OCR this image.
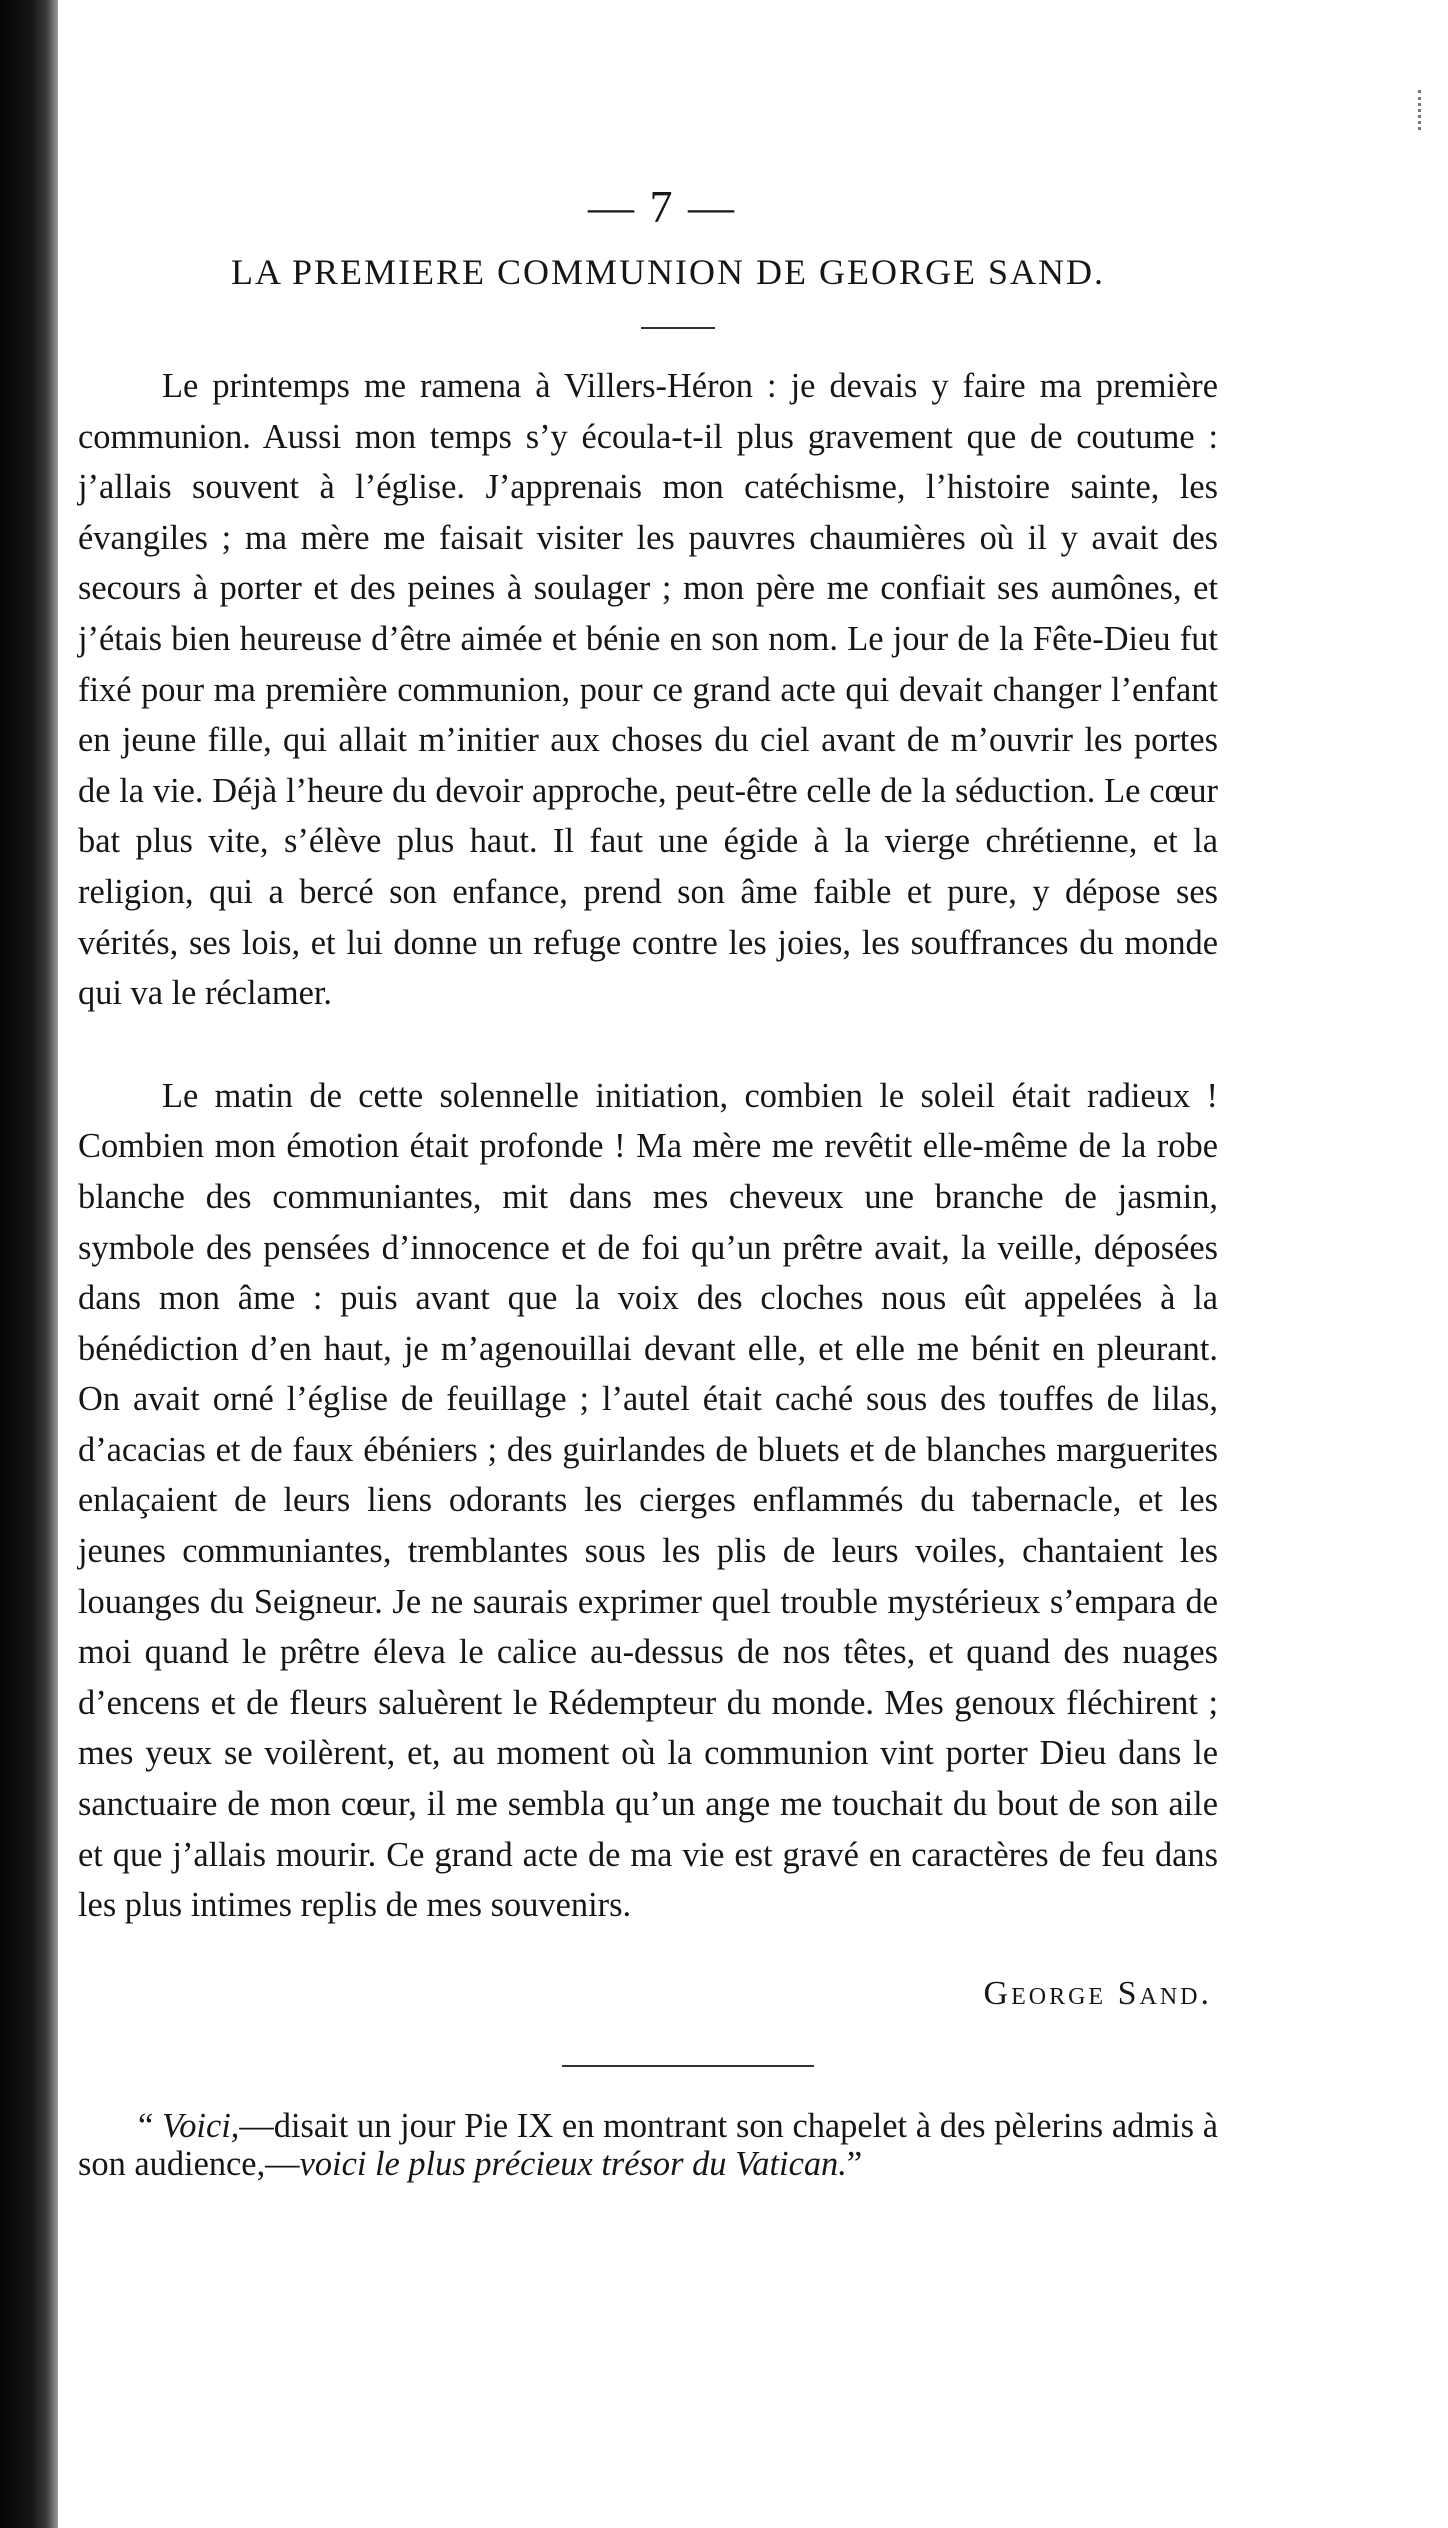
— 7 —
LA PREMIERE COMMUNION DE GEORGE SAND.

Le printemps me ramena à Villers-Héron : je devais y faire ma première communion. Aussi mon temps s’y écoula-t-il plus gravement que de coutume : j’allais souvent à l’église. J’apprenais mon catéchisme, l’histoire sainte, les évangiles ; ma mère me faisait visiter les pauvres chaumières où il y avait des secours à porter et des peines à soulager ; mon père me confiait ses aumônes, et j’étais bien heureuse d’être aimée et bénie en son nom. Le jour de la Fête-Dieu fut fixé pour ma première communion, pour ce grand acte qui devait changer l’enfant en jeune fille, qui allait m’initier aux choses du ciel avant de m’ouvrir les portes de la vie. Déjà l’heure du devoir approche, peut-être celle de la séduction. Le cœur bat plus vite, s’élève plus haut. Il faut une égide à la vierge chrétienne, et la religion, qui a bercé son enfance, prend son âme faible et pure, y dépose ses vérités, ses lois, et lui donne un refuge contre les joies, les souffrances du monde qui va le réclamer.

Le matin de cette solennelle initiation, combien le soleil était radieux ! Combien mon émotion était profonde ! Ma mère me revêtit elle-même de la robe blanche des communiantes, mit dans mes cheveux une branche de jasmin, symbole des pensées d’innocence et de foi qu’un prêtre avait, la veille, déposées dans mon âme : puis avant que la voix des cloches nous eût appelées à la bénédiction d’en haut, je m’agenouillai devant elle, et elle me bénit en pleurant. On avait orné l’église de feuillage ; l’autel était caché sous des touffes de lilas, d’acacias et de faux ébéniers ; des guirlandes de bluets et de blanches marguerites enlaçaient de leurs liens odorants les cierges enflammés du tabernacle, et les jeunes communiantes, tremblantes sous les plis de leurs voiles, chantaient les louanges du Seigneur. Je ne saurais exprimer quel trouble mystérieux s’empara de moi quand le prêtre éleva le calice au-dessus de nos têtes, et quand des nuages d’encens et de fleurs saluèrent le Rédempteur du monde. Mes genoux fléchirent ; mes yeux se voilèrent, et, au moment où la communion vint porter Dieu dans le sanctuaire de mon cœur, il me sembla qu’un ange me touchait du bout de son aile et que j’allais mourir. Ce grand acte de ma vie est gravé en caractères de feu dans les plus intimes replis de mes souvenirs.

George Sand.

“ Voici,—disait un jour Pie IX en montrant son chapelet à des pèlerins admis à son audience,—voici le plus précieux trésor du Vatican.”
